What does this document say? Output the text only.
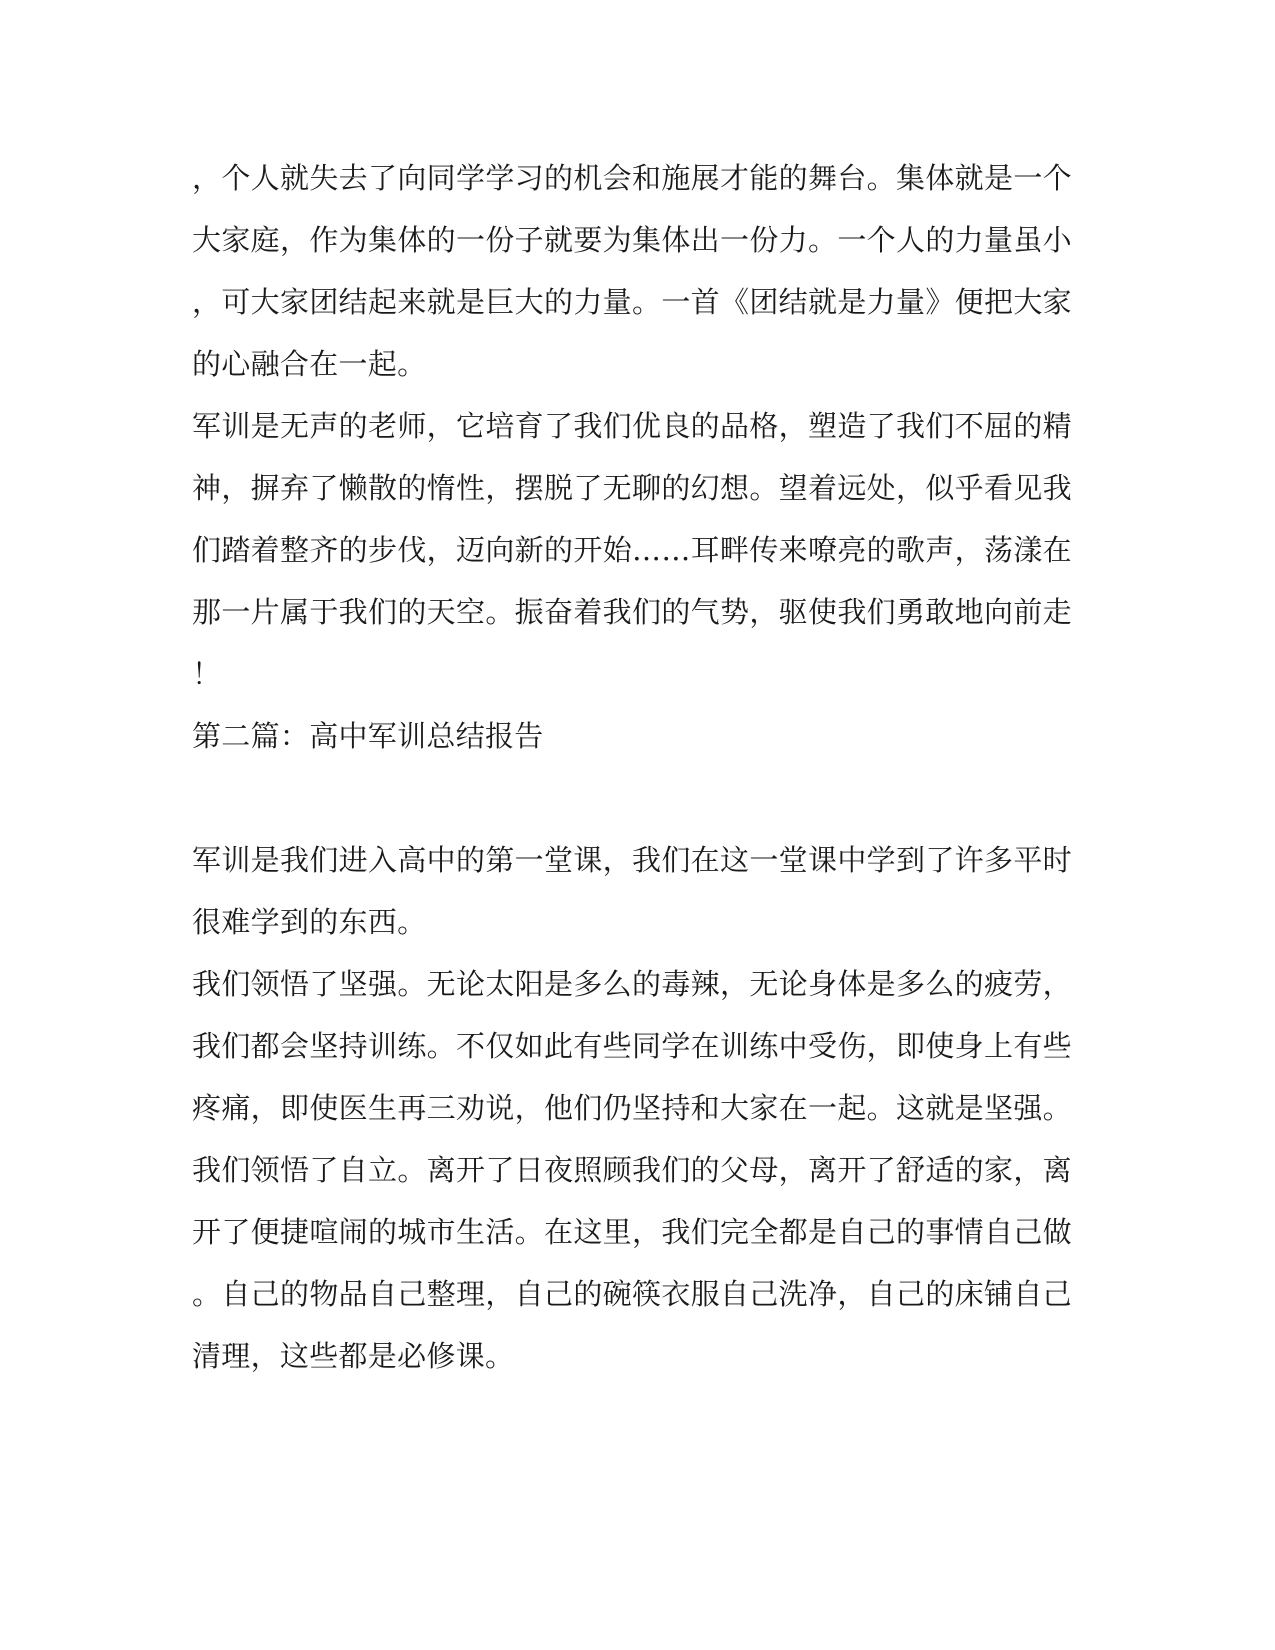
，个人就失去了向同学学习的机会和施展才能的舞台。集体就是一个
大家庭，作为集体的一份子就要为集体出一份力。一个人的力量虽小
，可大家团结起来就是巨大的力量。一首《团结就是力量》便把大家
的心融合在一起。
军训是无声的老师，它培育了我们优良的品格，塑造了我们不屈的精
神，摒弃了懒散的惰性，摆脱了无聊的幻想。望着远处，似乎看见我
们踏着整齐的步伐，迈向新的开始……耳畔传来嘹亮的歌声，荡漾在
那一片属于我们的天空。振奋着我们的气势，驱使我们勇敢地向前走
！
第二篇：高中军训总结报告
军训是我们进入高中的第一堂课，我们在这一堂课中学到了许多平时
很难学到的东西。
我们领悟了坚强。无论太阳是多么的毒辣，无论身体是多么的疲劳，
我们都会坚持训练。不仅如此有些同学在训练中受伤，即使身上有些
疼痛，即使医生再三劝说，他们仍坚持和大家在一起。这就是坚强。
我们领悟了自立。离开了日夜照顾我们的父母，离开了舒适的家，离
开了便捷喧闹的城市生活。在这里，我们完全都是自己的事情自己做
。自己的物品自己整理，自己的碗筷衣服自己洗净，自己的床铺自己
清理，这些都是必修课。
